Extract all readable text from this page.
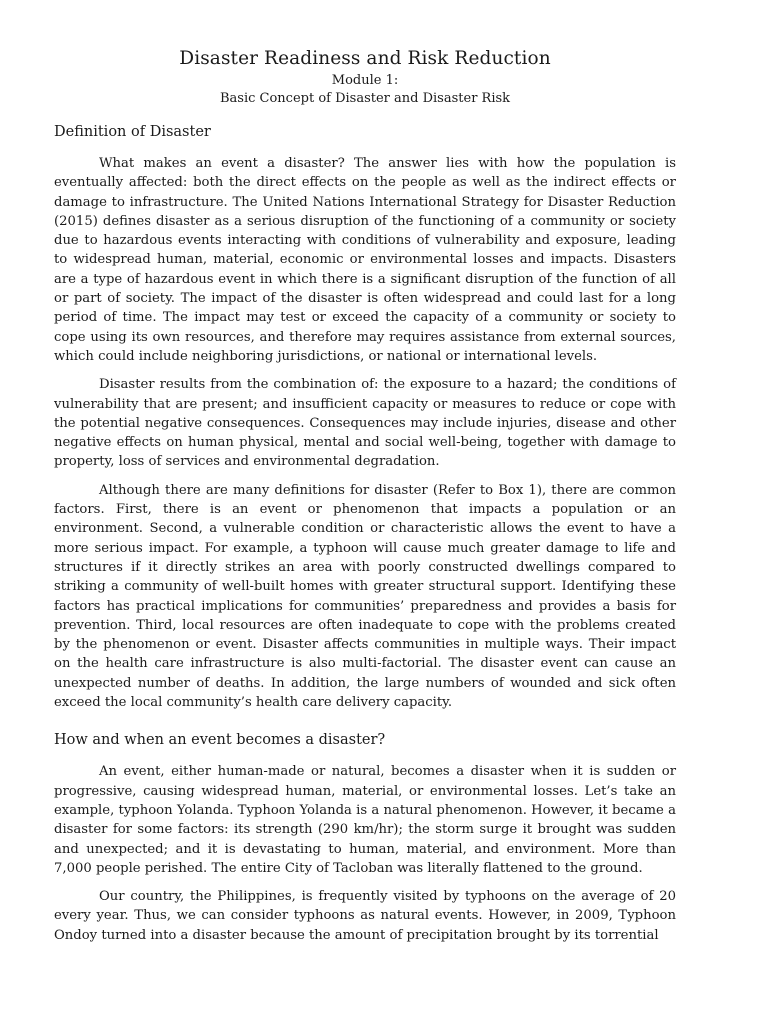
Disaster Readiness and Risk Reduction
Module 1:
Basic Concept of Disaster and Disaster Risk
Definition of Disaster

What makes an event a disaster? The answer lies with how the population is eventually affected: both the direct effects on the people as well as the indirect effects or damage to infrastructure. The United Nations International Strategy for Disaster Reduction (2015) defines disaster as a serious disruption of the functioning of a community or society due to hazardous events interacting with conditions of vulnerability and exposure, leading to widespread human, material, economic or environmental losses and impacts. Disasters are a type of hazardous event in which there is a significant disruption of the function of all or part of society. The impact of the disaster is often widespread and could last for a long period of time. The impact may test or exceed the capacity of a community or society to cope using its own resources, and therefore may requires assistance from external sources, which could include neighboring jurisdictions, or national or international levels.

Disaster results from the combination of: the exposure to a hazard; the conditions of vulnerability that are present; and insufficient capacity or measures to reduce or cope with the potential negative consequences. Consequences may include injuries, disease and other negative effects on human physical, mental and social well-being, together with damage to property, loss of services and environmental degradation.

Although there are many definitions for disaster (Refer to Box 1), there are common factors. First, there is an event or phenomenon that impacts a population or an environment. Second, a vulnerable condition or characteristic allows the event to have a more serious impact. For example, a typhoon will cause much greater damage to life and structures if it directly strikes an area with poorly constructed dwellings compared to striking a community of well-built homes with greater structural support. Identifying these factors has practical implications for communities’ preparedness and provides a basis for prevention. Third, local resources are often inadequate to cope with the problems created by the phenomenon or event. Disaster affects communities in multiple ways. Their impact on the health care infrastructure is also multi-factorial. The disaster event can cause an unexpected number of deaths. In addition, the large numbers of wounded and sick often exceed the local community’s health care delivery capacity.

How and when an event becomes a disaster?

An event, either human-made or natural, becomes a disaster when it is sudden or progressive, causing widespread human, material, or environmental losses. Let’s take an example, typhoon Yolanda. Typhoon Yolanda is a natural phenomenon. However, it became a disaster for some factors: its strength (290 km/hr); the storm surge it brought was sudden and unexpected; and it is devastating to human, material, and environment. More than 7,000 people perished. The entire City of Tacloban was literally flattened to the ground.

Our country, the Philippines, is frequently visited by typhoons on the average of 20 every year. Thus, we can consider typhoons as natural events. However, in 2009, Typhoon Ondoy turned into a disaster because the amount of precipitation brought by its torrential
